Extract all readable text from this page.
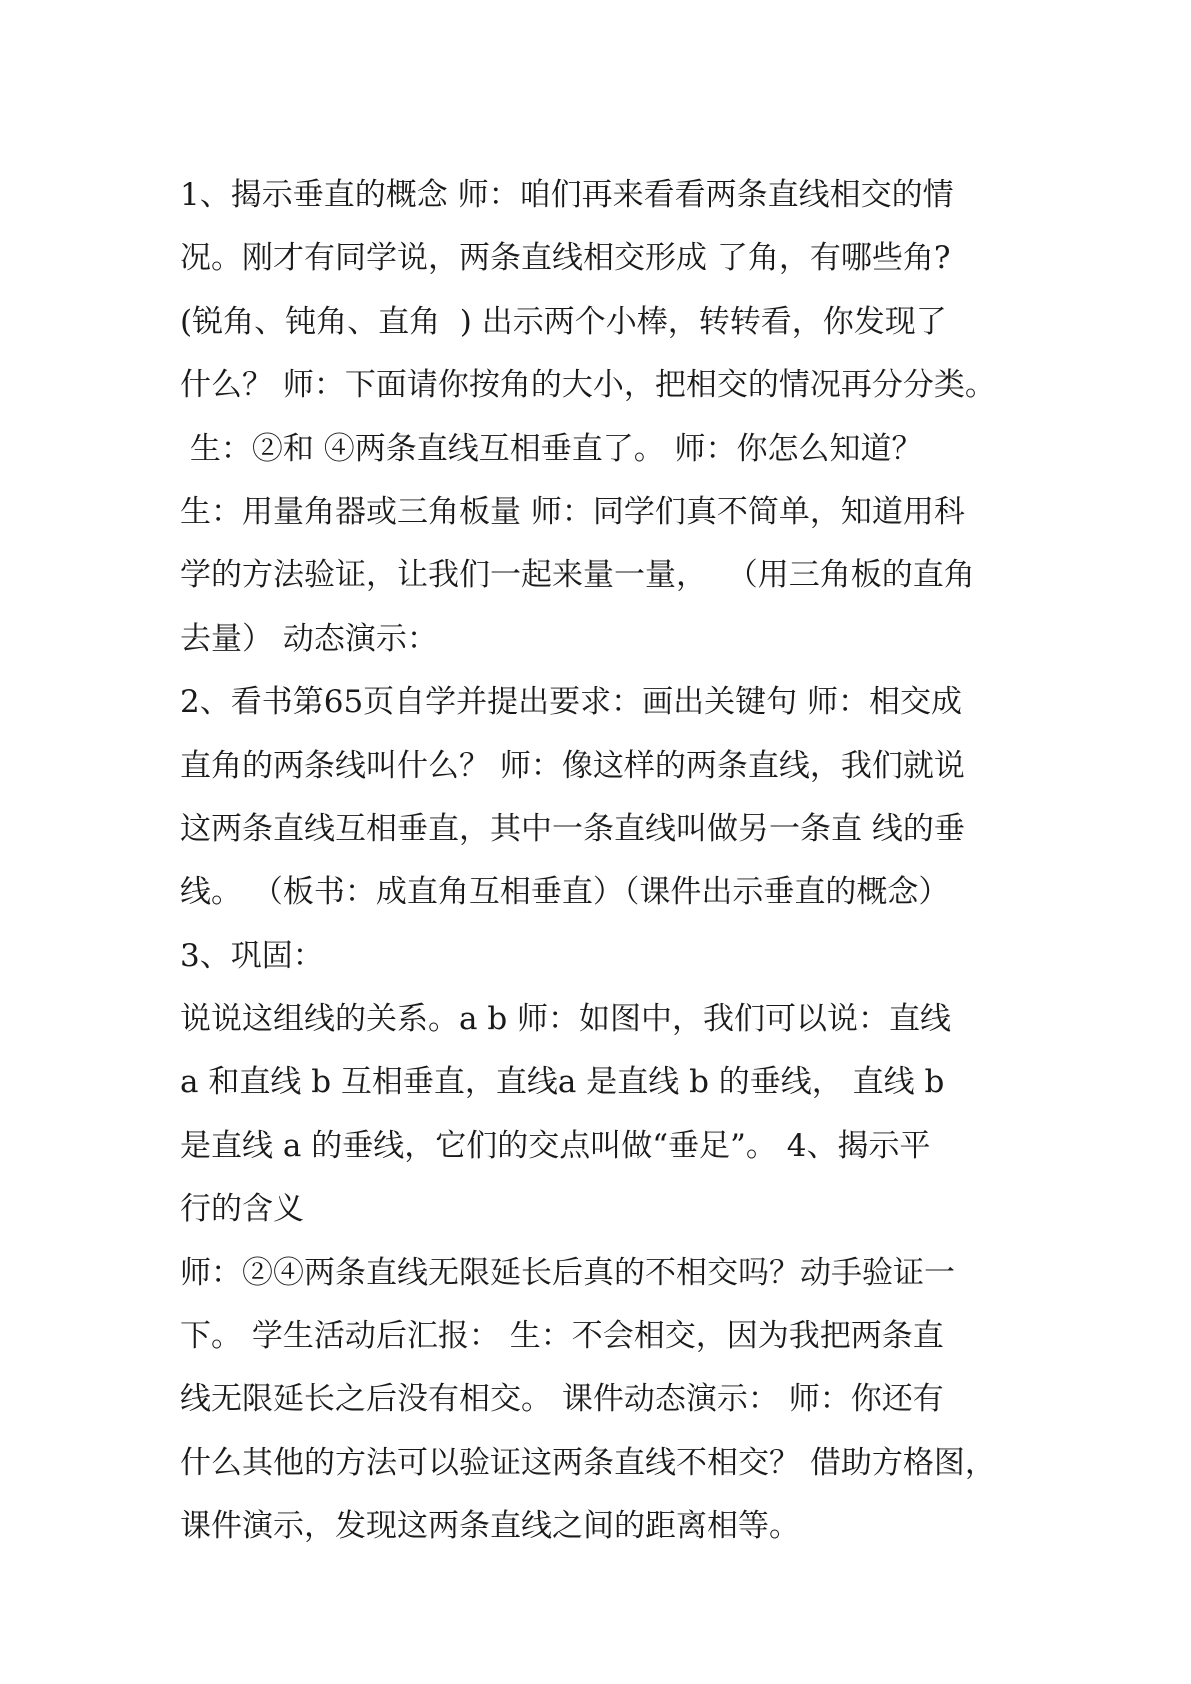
1、揭示垂直的概念 师：咱们再来看看两条直线相交的情
况。刚才有同学说，两条直线相交形成 了角，有哪些角?
(锐角、钝角、直角  ) 出示两个小棒，转转看，你发现了
什么？ 师：下面请你按角的大小，把相交的情况再分分类。
生：②和 ④两条直线互相垂直了。 师：你怎么知道？
生：用量角器或三角板量 师：同学们真不简单，知道用科
学的方法验证，让我们一起来量一量，  （用三角板的直角
去量） 动态演示：
2、看书第65页自学并提出要求：画出关键句 师：相交成
直角的两条线叫什么？ 师：像这样的两条直线，我们就说
这两条直线互相垂直，其中一条直线叫做另一条直 线的垂
线。 （板书：成直角互相垂直）（课件出示垂直的概念）
3、巩固：
说说这组线的关系。a b 师：如图中，我们可以说：直线
a 和直线 b 互相垂直，直线a 是直线 b 的垂线， 直线 b
是直线 a 的垂线，它们的交点叫做“垂足”。 4、揭示平
行的含义
师：②④两条直线无限延长后真的不相交吗？动手验证一
下。 学生活动后汇报： 生：不会相交，因为我把两条直
线无限延长之后没有相交。 课件动态演示： 师：你还有
什么其他的方法可以验证这两条直线不相交？ 借助方格图，
课件演示，发现这两条直线之间的距离相等。
